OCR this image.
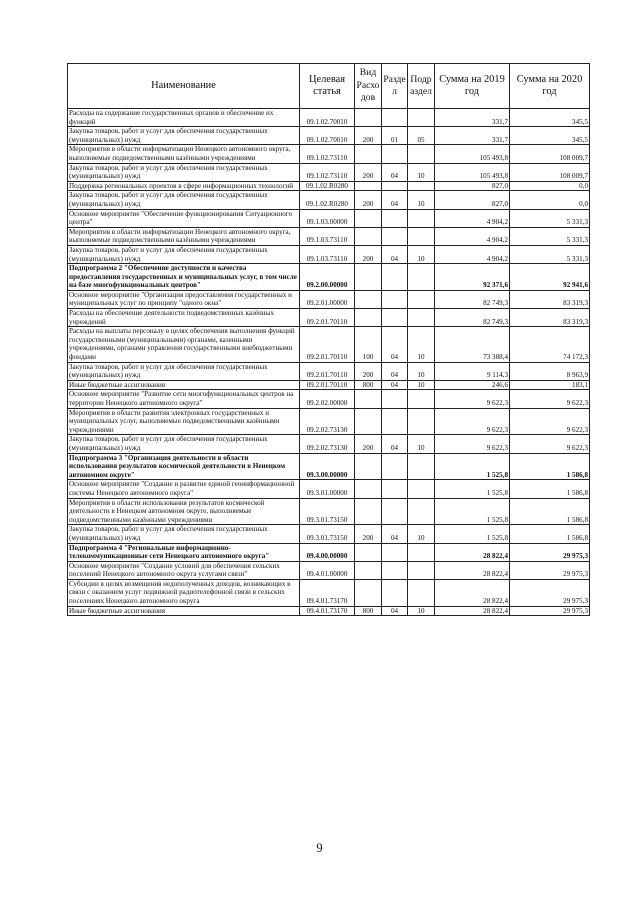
Наименование	Целевая статья	Вид Расхо дов	Разде л	Подр аздел	Сумма на 2019 год	Сумма на 2020 год
Расходы на содержание государственных органов и обеспечение их функций	09.1.02.70010				331,7	345,5
Закупка товаров, работ и услуг для обеспечения государственных (муниципальных) нужд	09.1.02.70010	200	01	05	331,7	345,5
Мероприятия в области информатизации Ненецкого автономного округа, выполняемые подведомственными казёнными учреждениями	09.1.02.73110				105 493,8	108 009,7
Закупка товаров, работ и услуг для обеспечения государственных (муниципальных) нужд	09.1.02.73110	200	04	10	105 493,8	108 009,7
Поддержка региональных проектов в сфере информационных технологий	09.1.02.R0280				827,0	0,0
Закупка товаров, работ и услуг для обеспечения государственных (муниципальных) нужд	09.1.02.R0280	200	04	10	827,0	0,0
Основное мероприятие "Обеспечение функционирования Ситуационного центра"	09.1.03.00000				4 904,2	5 331,3
Мероприятия в области информатизации Ненецкого автономного округа, выполняемые подведомственными казёнными учреждениями	09.1.03.73110				4 904,2	5 331,3
Закупка товаров, работ и услуг для обеспечения государственных (муниципальных) нужд	09.1.03.73110	200	04	10	4 904,2	5 331,3
Подпрограмма 2 "Обеспечение доступности и качества предоставления государственных и муниципальных услуг, в том числе на базе многофункциональных центров"	09.2.00.00000				92 371,6	92 941,6
Основное мероприятие "Организация предоставления государственных и муниципальных услуг по принципу "одного окна"	09.2.01.00000				82 749,3	83 319,3
Расходы на обеспечение деятельности подведомственных казённых учреждений	09.2.01.70110				82 749,3	83 319,3
Расходы на выплаты персоналу в целях обеспечения выполнения функций государственными (муниципальными) органами, казенными учреждениями, органами управления государственными внебюджетными фондами	09.2.01.70110	100	04	10	73 388,4	74 172,3
Закупка товаров, работ и услуг для обеспечения государственных (муниципальных) нужд	09.2.01.70110	200	04	10	9 114,3	8 963,9
Иные бюджетные ассигнования	09.2.01.70110	800	04	10	246,6	183,1
Основное мероприятие "Развитие сети многофункциональных центров на территории Ненецкого автономного округа"	09.2.02.00000				9 622,3	9 622,3
Мероприятия в области развития электронных государственных и муниципальных услуг, выполняемые подведомственными казёнными учреждениями	09.2.02.73130				9 622,3	9 622,3
Закупка товаров, работ и услуг для обеспечения государственных (муниципальных) нужд	09.2.02.73130	200	04	10	9 622,3	9 622,3
Подпрограмма 3 "Организация деятельности в области использования результатов космической деятельности в Ненецком автономном округе"	09.3.00.00000				1 525,8	1 586,8
Основное мероприятие "Создание и развитие единой геоинформационной системы Ненецкого автономного округа"	09.3.01.00000				1 525,8	1 586,8
Мероприятия в области использования результатов космической деятельности в Ненецком автономном округе, выполняемые подведомственными казёнными учреждениями	09.3.01.73150				1 525,8	1 586,8
Закупка товаров, работ и услуг для обеспечения государственных (муниципальных) нужд	09.3.01.73150	200	04	10	1 525,8	1 586,8
Подпрограмма 4 "Региональные информационно-телекоммуникационные сети Ненецкого автономного округа"	09.4.00.00000				28 822,4	29 975,3
Основное мероприятие "Создание условий для обеспечения сельских поселений Ненецкого автономного округа услугами связи"	09.4.01.00000				28 822,4	29 975,3
Субсидии в целях возмещения недополученных доходов, возникающих в связи с оказанием услуг подвижной радиотелефонной связи в сельских поселениях Ненецкого автономного округа	09.4.01.73170				28 822,4	29 975,3
Иные бюджетные ассигнования	09.4.01.73170	800	04	10	28 822,4	29 975,3
9
